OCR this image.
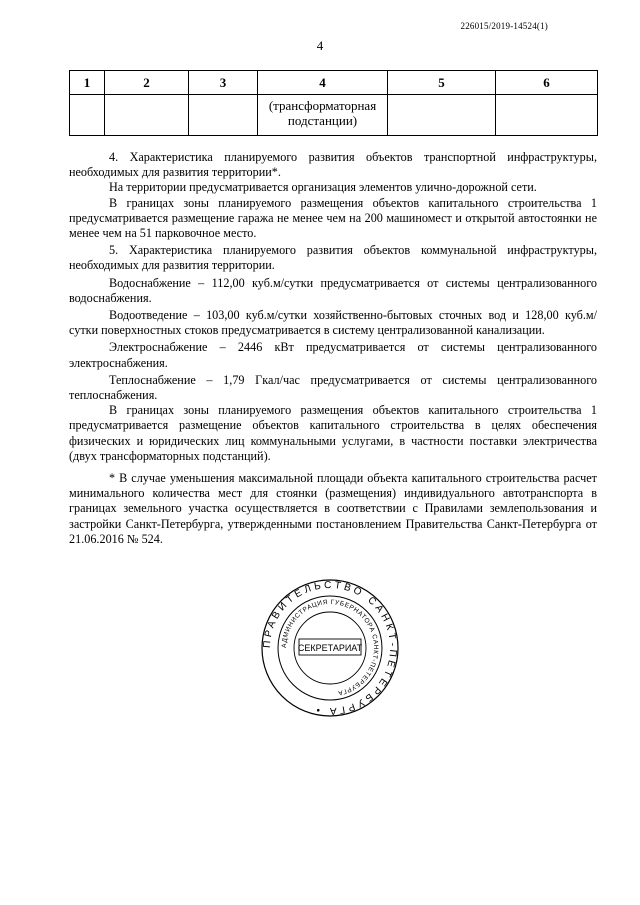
226015/2019-14524(1)
4
1	2	3	4	5	6
			(трансформаторная подстанции)		

4. Характеристика планируемого развития объектов транспортной инфраструктуры, необходимых для развития территории*.

На территории предусматривается организация элементов улично-дорожной сети.

В границах зоны планируемого размещения объектов капитального строительства 1 предусматривается размещение гаража не менее чем на 200 машиномест и открытой автостоянки не менее чем на 51 парковочное место.

5. Характеристика планируемого развития объектов коммунальной инфраструктуры, необходимых для развития территории.

Водоснабжение – 112,00 куб.м/сутки предусматривается от системы централизованного водоснабжения.

Водоотведение – 103,00 куб.м/сутки хозяйственно-бытовых сточных вод и 128,00 куб.м/сутки поверхностных стоков предусматривается в систему централизованной канализации.

Электроснабжение – 2446 кВт предусматривается от системы централизованного электроснабжения.

Теплоснабжение – 1,79 Гкал/час предусматривается от системы централизованного теплоснабжения.

В границах зоны планируемого размещения объектов капитального строительства 1 предусматривается размещение объектов капитального строительства в целях обеспечения физических и юридических лиц коммунальными услугами, в частности поставки электричества (двух трансформаторных подстанций).

* В случае уменьшения максимальной площади объекта капитального строительства расчет минимального количества мест для стоянки (размещения) индивидуального автотранспорта в границах земельного участка осуществляется в соответствии с Правилами землепользования и застройки Санкт-Петербурга, утвержденными постановлением Правительства Санкт-Петербурга от 21.06.2016 № 524.

ПРАВИТЕЛЬСТВО САНКТ-ПЕТЕРБУРГА •
АДМИНИСТРАЦИЯ ГУБЕРНАТОРА САНКТ-ПЕТЕРБУРГА
СЕКРЕТАРИАТ
